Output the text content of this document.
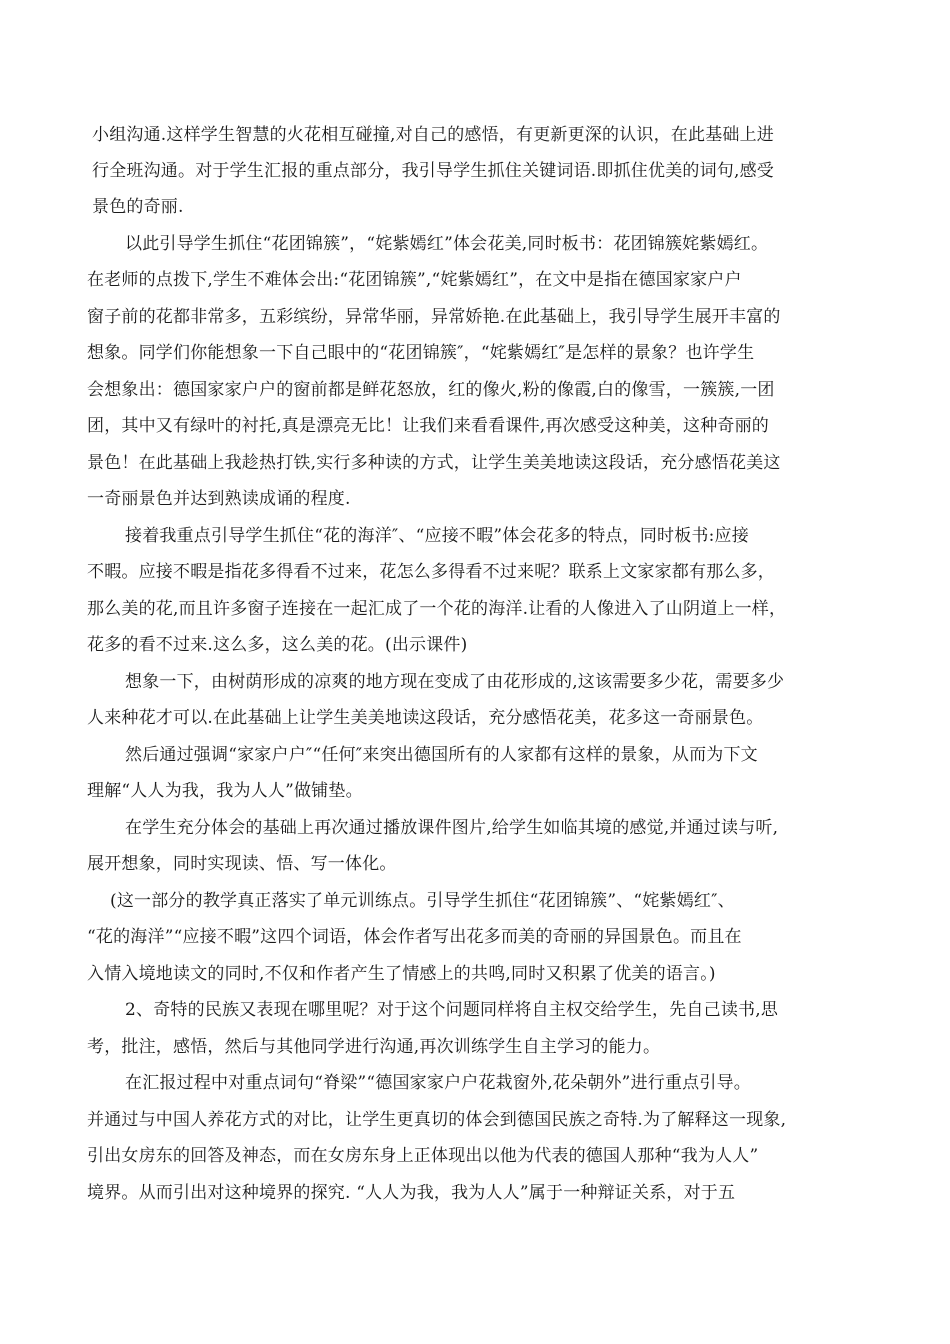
小组沟通.这样学生智慧的火花相互碰撞,对自己的感悟，有更新更深的认识，在此基础上进
行全班沟通。对于学生汇报的重点部分，我引导学生抓住关键词语.即抓住优美的词句,感受
景色的奇丽.
以此引导学生抓住“花团锦簇”，“姹紫嫣红”体会花美,同时板书：花团锦簇姹紫嫣红。
在老师的点拨下,学生不难体会出:“花团锦簇”,“姹紫嫣红”，在文中是指在德国家家户户
窗子前的花都非常多，五彩缤纷，异常华丽，异常娇艳.在此基础上，我引导学生展开丰富的
想象。同学们你能想象一下自己眼中的“花团锦簇″，“姹紫嫣红″是怎样的景象？也许学生
会想象出：德国家家户户的窗前都是鲜花怒放，红的像火,粉的像霞,白的像雪，一簇簇,一团
团，其中又有绿叶的衬托,真是漂亮无比！让我们来看看课件,再次感受这种美，这种奇丽的
景色！在此基础上我趁热打铁,实行多种读的方式，让学生美美地读这段话，充分感悟花美这
一奇丽景色并达到熟读成诵的程度.
接着我重点引导学生抓住“花的海洋″、“应接不暇”体会花多的特点，同时板书:应接
不暇。应接不暇是指花多得看不过来，花怎么多得看不过来呢？联系上文家家都有那么多，
那么美的花,而且许多窗子连接在一起汇成了一个花的海洋.让看的人像进入了山阴道上一样，
花多的看不过来.这么多，这么美的花。(出示课件)
想象一下，由树荫形成的凉爽的地方现在变成了由花形成的,这该需要多少花，需要多少
人来种花才可以.在此基础上让学生美美地读这段话，充分感悟花美，花多这一奇丽景色。
然后通过强调“家家户户″“任何″来突出德国所有的人家都有这样的景象，从而为下文
理解“人人为我，我为人人”做铺垫。
在学生充分体会的基础上再次通过播放课件图片,给学生如临其境的感觉,并通过读与听,
展开想象，同时实现读、悟、写一体化。
(这一部分的教学真正落实了单元训练点。引导学生抓住“花团锦簇”、“姹紫嫣红″、
“花的海洋”“应接不暇”这四个词语，体会作者写出花多而美的奇丽的异国景色。而且在
入情入境地读文的同时,不仅和作者产生了情感上的共鸣,同时又积累了优美的语言。)
2、奇特的民族又表现在哪里呢？对于这个问题同样将自主权交给学生，先自己读书,思
考，批注，感悟，然后与其他同学进行沟通,再次训练学生自主学习的能力。
在汇报过程中对重点词句“脊梁”“德国家家户户花栽窗外,花朵朝外”进行重点引导。
并通过与中国人养花方式的对比，让学生更真切的体会到德国民族之奇特.为了解释这一现象,
引出女房东的回答及神态，而在女房东身上正体现出以他为代表的德国人那种“我为人人”
境界。从而引出对这种境界的探究. “人人为我，我为人人”属于一种辩证关系，对于五
